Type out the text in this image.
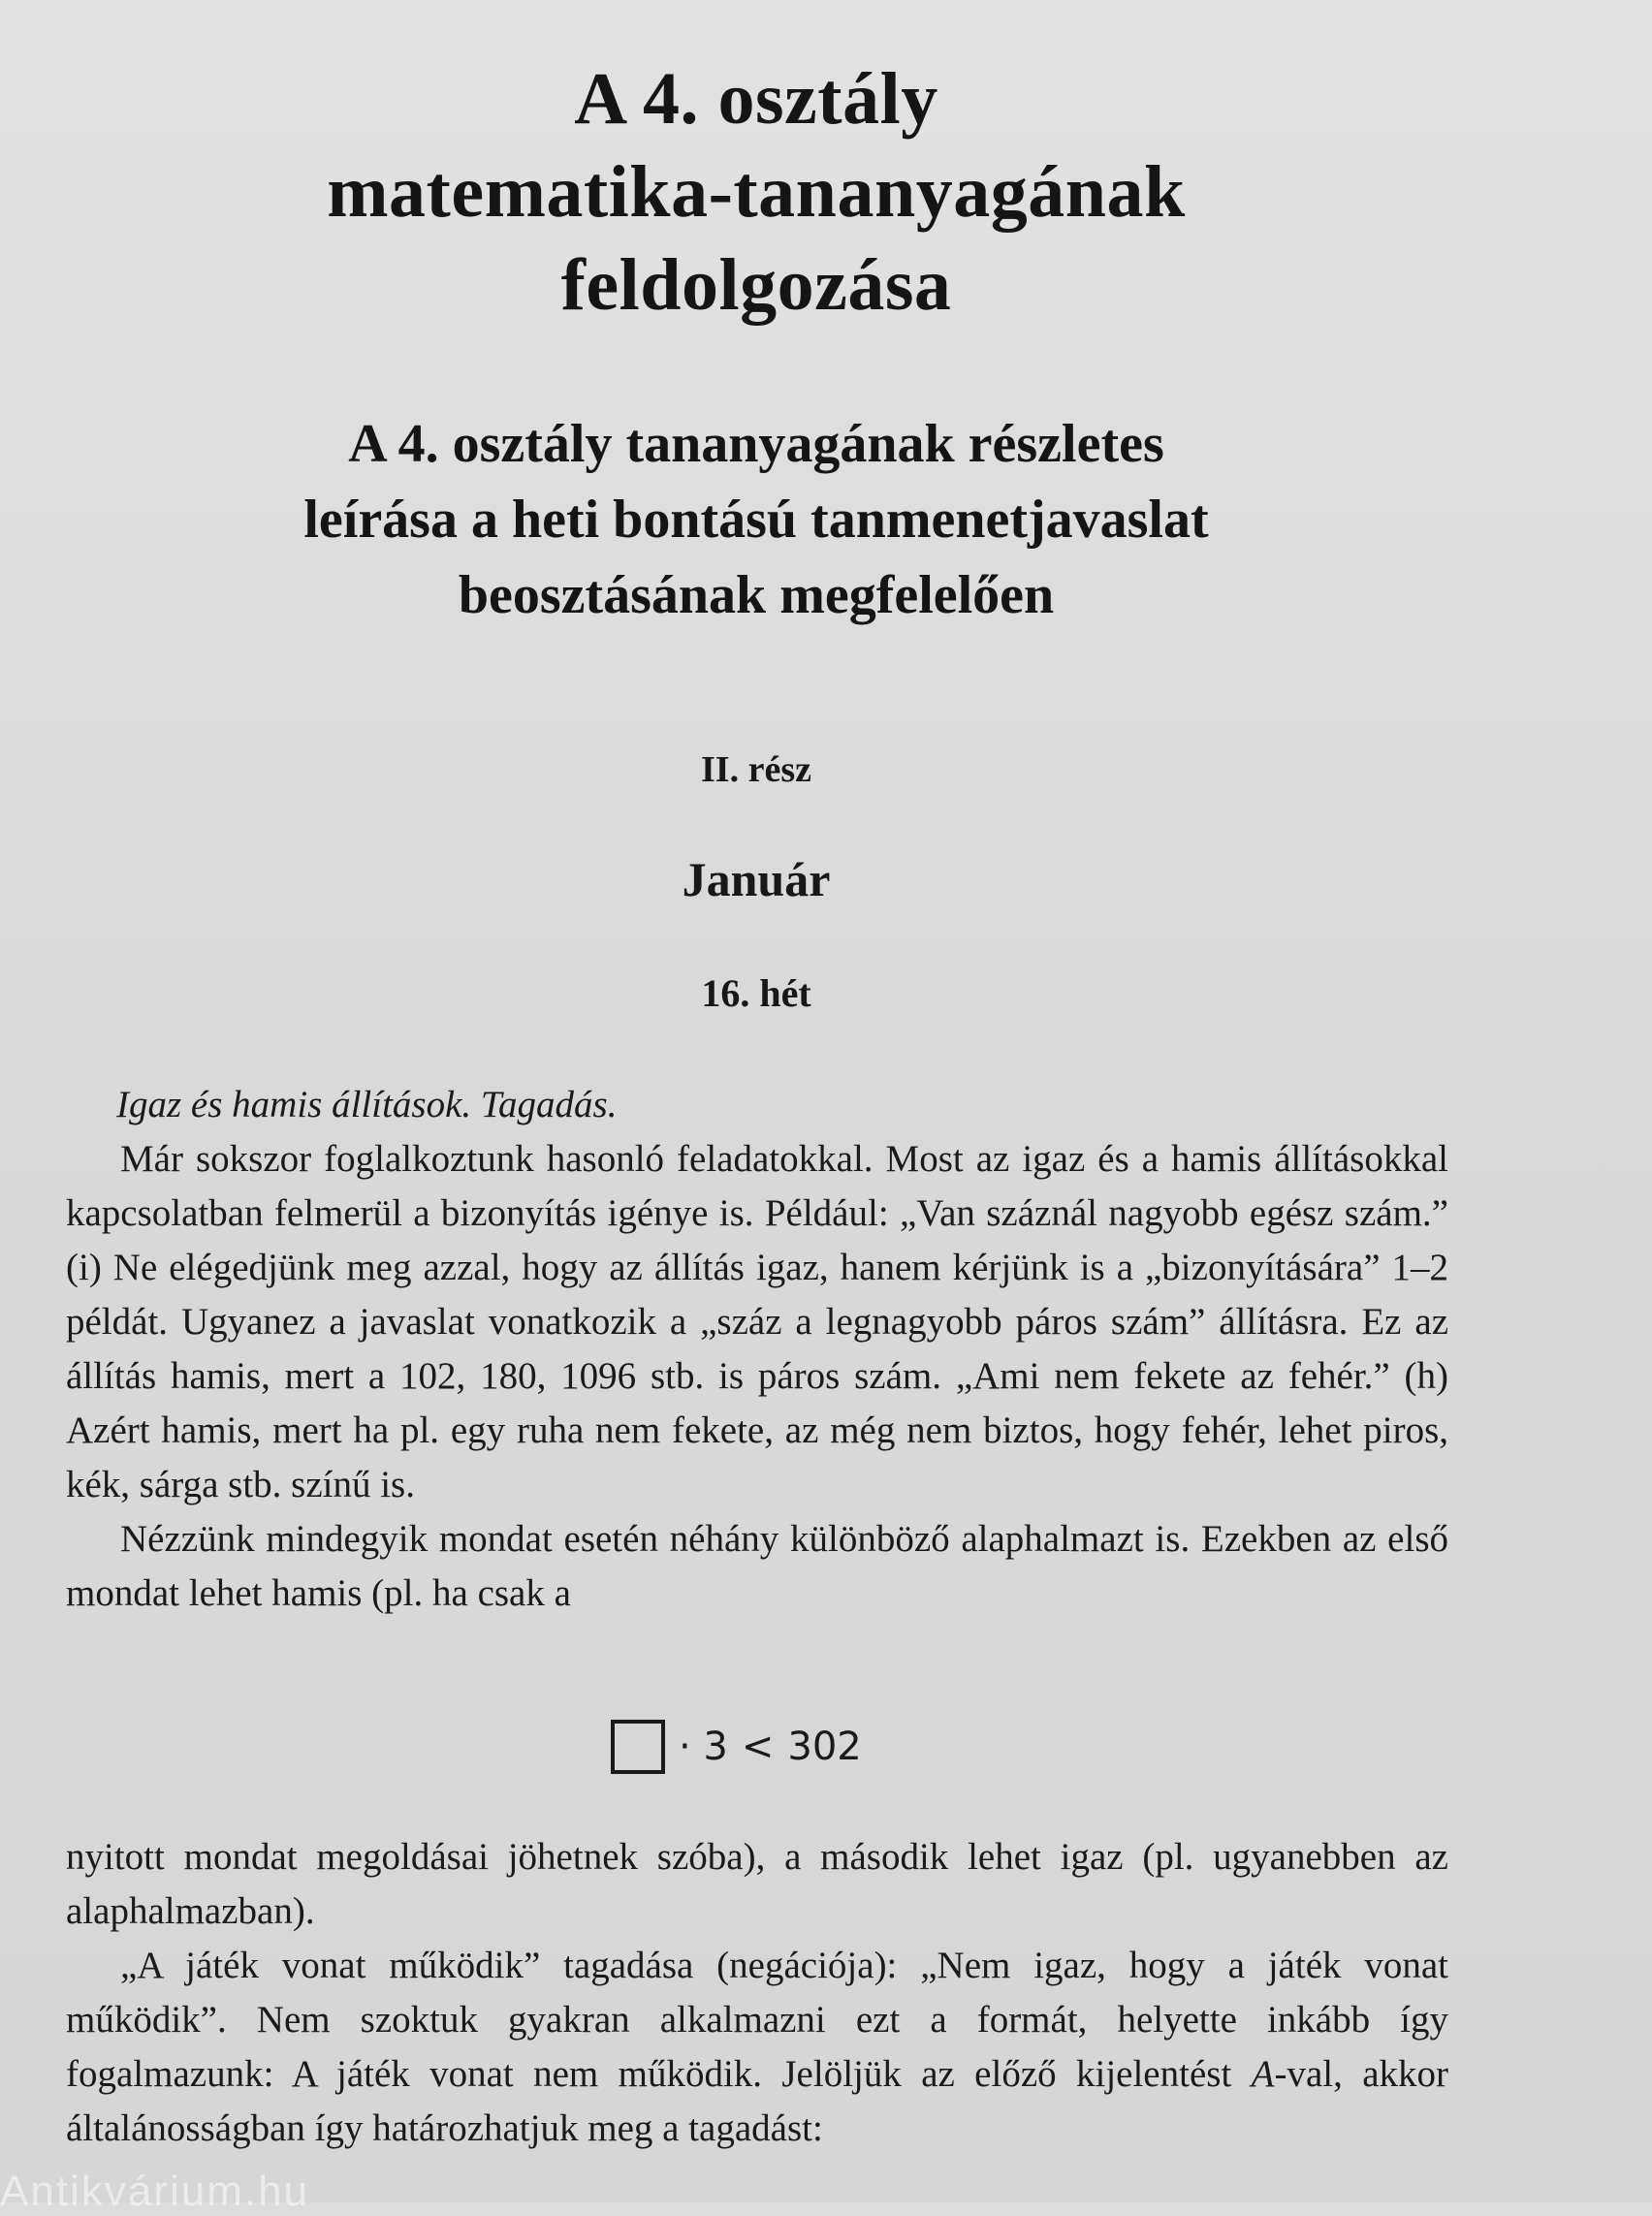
A 4. osztály
matematika-tananyagának
feldolgozása
A 4. osztály tananyagának részletes
leírása a heti bontású tanmenetjavaslat
beosztásának megfelelően
II. rész
Január
16. hét

Igaz és hamis állítások. Tagadás.

Már sokszor foglalkoztunk hasonló feladatokkal. Most az igaz és a hamis állításokkal kapcsolatban felmerül a bizonyítás igénye is. Például: „Van száznál nagyobb egész szám.” (i) Ne elégedjünk meg azzal, hogy az állítás igaz, hanem kérjünk is a „bizonyítására” 1–2 példát. Ugyanez a javaslat vonatkozik a „száz a legnagyobb páros szám” állításra. Ez az állítás hamis, mert a 102, 180, 1096 stb. is páros szám. „Ami nem fekete az fehér.” (h) Azért hamis, mert ha pl. egy ruha nem fekete, az még nem biztos, hogy fehér, lehet piros, kék, sárga stb. színű is.

Nézzünk mindegyik mondat esetén néhány különböző alaphalmazt is. Ezekben az első mondat lehet hamis (pl. ha csak a

· 3 < 302

nyitott mondat megoldásai jöhetnek szóba), a második lehet igaz (pl. ugyanebben az alaphalmazban).

„A játék vonat működik” tagadása (negációja): „Nem igaz, hogy a játék vonat működik”. Nem szoktuk gyakran alkalmazni ezt a formát, helyette inkább így fogalmazunk: A játék vonat nem működik. Jelöljük az előző kijelentést A-val, akkor általánosságban így határozhatjuk meg a tagadást:

Antikvárium.hu
